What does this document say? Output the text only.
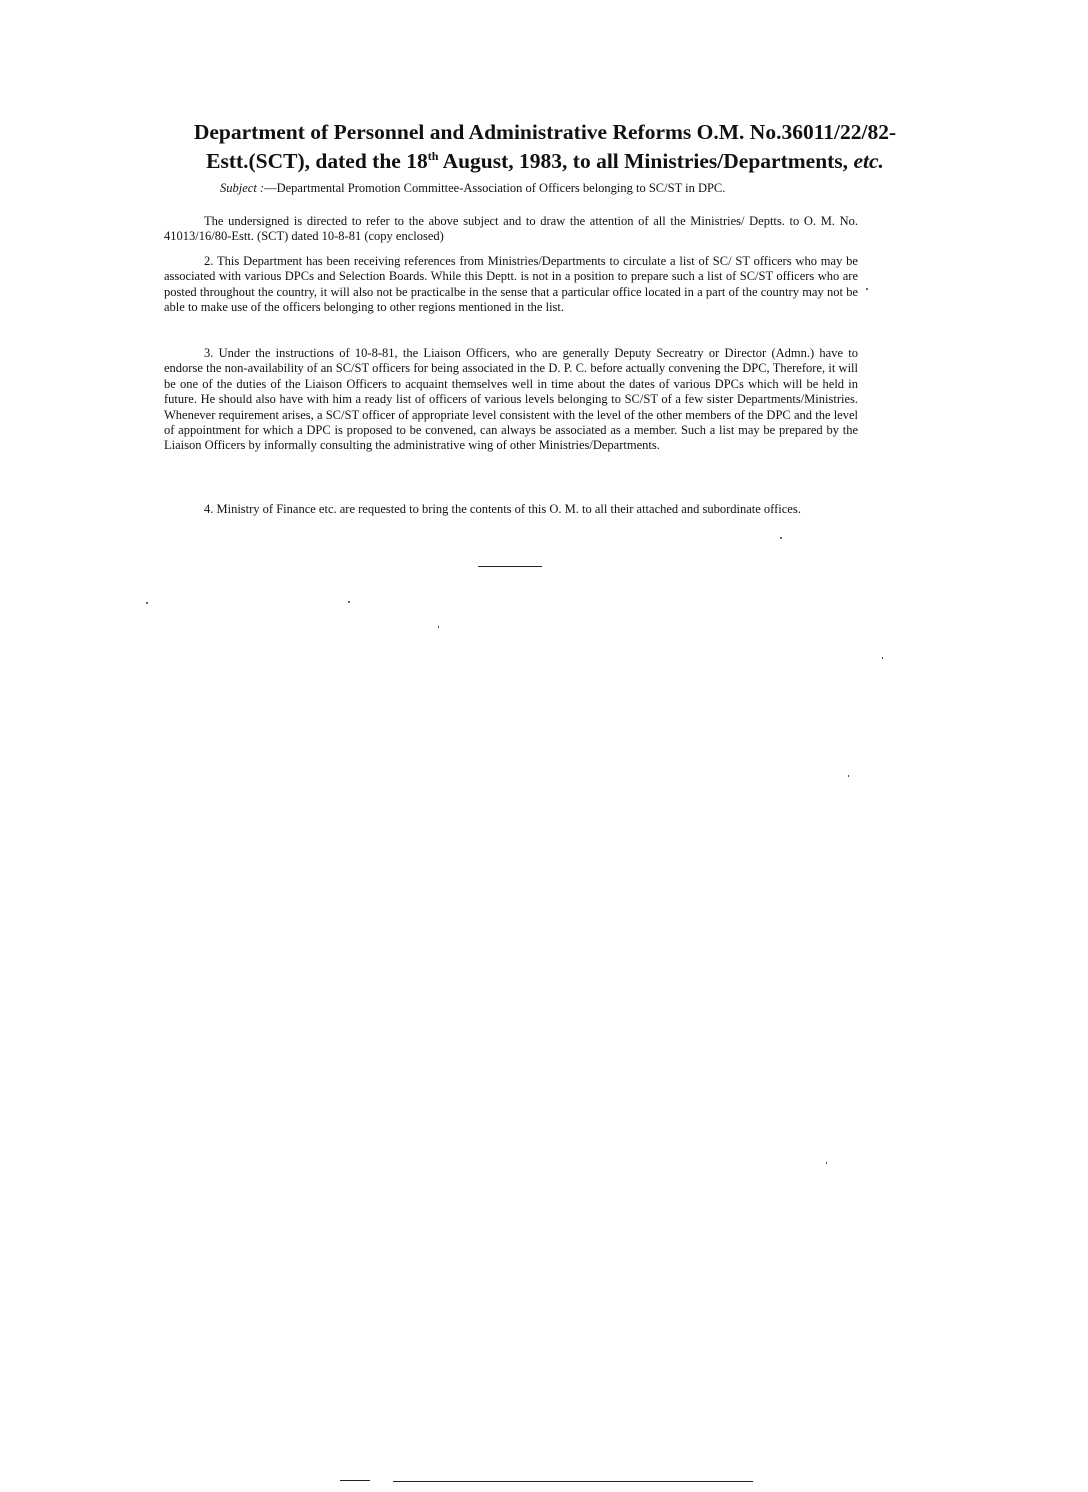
Department of Personnel and Administrative Reforms O.M. No.36011/22/82-
Estt.(SCT), dated the 18th August, 1983, to all Ministries/Departments, etc.

Subject :—Departmental Promotion Committee-Association of Officers belonging to SC/ST in DPC.

The undersigned is directed to refer to the above subject and to draw the attention of all the Ministries/ Deptts. to O. M. No. 41013/16/80-Estt. (SCT) dated 10-8-81 (copy enclosed)

2. This Department has been receiving references from Ministries/Departments to circulate a list of SC/ ST officers who may be associated with various DPCs and Selection Boards. While this Deptt. is not in a position to prepare such a list of SC/ST officers who are posted throughout the country, it will also not be practicalbe in the sense that a particular office located in a part of the country may not be able to make use of the officers belonging to other regions mentioned in the list.

3. Under the instructions of 10-8-81, the Liaison Officers, who are generally Deputy Secreatry or Director (Admn.) have to endorse the non-availability of an SC/ST officers for being associated in the D. P. C. before actually convening the DPC, Therefore, it will be one of the duties of the Liaison Officers to acquaint themselves well in time about the dates of various DPCs which will be held in future. He should also have with him a ready list of officers of various levels belonging to SC/ST of a few sister Departments/Ministries. Whenever requirement arises, a SC/ST officer of appropriate level consistent with the level of the other members of the DPC and the level of appointment for which a DPC is proposed to be convened, can always be associated as a member. Such a list may be prepared by the Liaison Officers by informally consulting the administrative wing of other Ministries/Departments.

4. Ministry of Finance etc. are requested to bring the contents of this O. M. to all their attached and subordinate offices.
